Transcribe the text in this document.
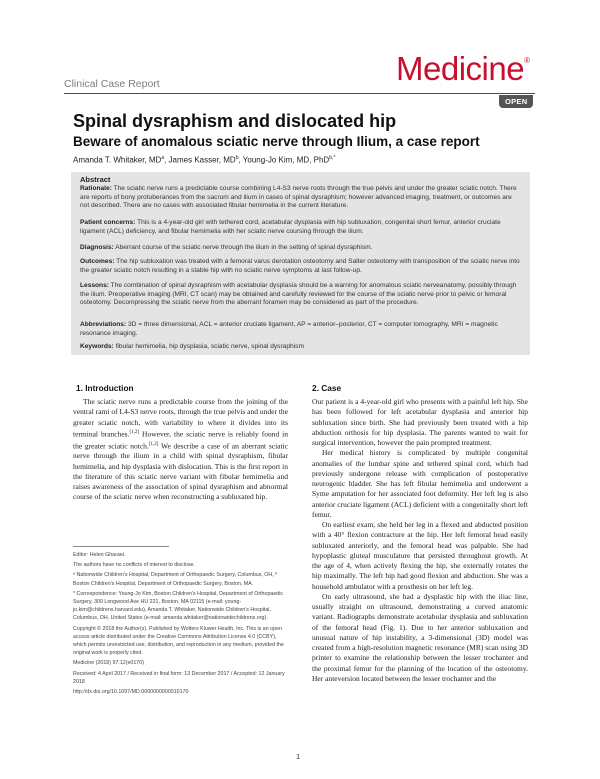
Clinical Case Report	Medicine®
OPEN
Spinal dysraphism and dislocated hip
Beware of anomalous sciatic nerve through Ilium, a case report
Amanda T. Whitaker, $MD^a$, James Kasser, $MD^b$, Young-Jo Kim, MD, PhD$^{b,*}$
Abstract
Rationale: The sciatic nerve runs a predictable course combining L4-S3 nerve roots through the true pelvis and under the greater sciatic notch. There are reports of bony protuberances from the sacrum and ilium in cases of spinal dysraphism; however advanced imaging, treatment, or outcomes are not described. There are no cases with associated fibular hemimelia in the current literature.
Patient concerns: This is a 4-year-old girl with tethered cord, acetabular dysplasia with hip subluxation, congenital short femur, anterior cruciate ligament (ACL) deficiency, and fibular hemimelia with her sciatic nerve coursing through the ilium.
Diagnosis: Aberrant course of the sciatic nerve through the ilium in the setting of spinal dysraphism.
Outcomes: The hip subluxation was treated with a femoral varus derotation osteotomy and Salter osteotomy with transposition of the sciatic nerve into the greater sciatic notch resulting in a stable hip with no sciatic nerve symptoms at last follow-up.
Lessons: The combination of spinal dysraphism with acetabular dysplasia should be a warning for anomalous sciatic nerveanatomy, possibly through the ilium. Preoperative imaging (MRI, CT scan) may be obtained and carefully reviewed for the course of the sciatic nerve prior to pelvic or femoral osteotomy. Decompressing the sciatic nerve from the aberrant foramen may be considered as part of the procedure.
Abbreviations: 3D = three dimensional, ACL = anterior cruciate ligament, AP = anterior–posterior, CT = computer tomography, MRI = magnetic resonance imaging.
Keywords: fibular hemimelia, hip dysplasia, sciatic nerve, spinal dysraphism
1. Introduction

The sciatic nerve runs a predictable course from the joining of the ventral rami of L4-S3 nerve roots, through the true pelvis and under the greater sciatic notch, with variability to where it divides into its terminal branches.[1,2] However, the sciatic nerve is reliably found in the greater sciatic notch.[1,2] We describe a case of an aberrant sciatic nerve through the ilium in a child with spinal dysraphism, fibular hemimelia, and hip dysplasia with dislocation. This is the first report in the literature of this sciatic nerve variant with fibular hemimelia and raises awareness of the association of spinal dysraphism and abnormal course of the sciatic nerve when reconstructing a subluxated hip.

Editor: Helen Gharaei.

The authors have no conflicts of interest to disclose.

ᵃ Nationwide Children's Hospital, Department of Orthopaedic Surgery, Columbus, OH, ᵇ Boston Children's Hospital, Department of Orthopaedic Surgery, Boston, MA.

* Correspondence: Young-Jo Kim, Boston Children's Hospital, Department of Orthopaedic Surgery, 300 Longwood Ave HU 221, Boston, MA 02115 (e-mail: young-jo.kim@childrens.harvard.edu), Amanda T. Whitaker, Nationwide Children's Hospital, Columbus, OH, United States (e-mail: amanda.whitaker@nationwidechildrens.org).

Copyright © 2018 the Author(s). Published by Wolters Kluwer Health, Inc. This is an open access article distributed under the Creative Commons Attribution License 4.0 (CCBY), which permits unrestricted use, distribution, and reproduction in any medium, provided the original work is properly cited.

Medicine (2018) 97:12(e0170)

Received: 4 April 2017 / Received in final form: 13 December 2017 / Accepted: 12 January 2018

http://dx.doi.org/10.1097/MD.0000000000010170

2. Case

Our patient is a 4-year-old girl who presents with a painful left hip. She has been followed for left acetabular dysplasia and anterior hip subluxation since birth. She had previously been treated with a hip abduction orthosis for hip dysplasia. The parents wanted to wait for surgical intervention, however the pain prompted treatment.

Her medical history is complicated by multiple congenital anomalies of the lumbar spine and tethered spinal cord, which had previously undergone release with complication of postoperative neurogenic bladder. She has left fibular hemimelia and underwent a Syme amputation for her associated foot deformity. Her left leg is also anterior cruciate ligament (ACL) deficient with a congenitally short left femur.

On earliest exam, she held her leg in a flexed and abducted position with a 40° flexion contracture at the hip. Her left femoral head easily subluxated anteriorly, and the femoral head was palpable. She had hypoplastic gluteal musculature that persisted throughout growth. At the age of 4, when actively flexing the hip, she externally rotates the hip maximally. The left hip had good flexion and abduction. She was a household ambulator with a prosthesis on her left leg.

On early ultrasound, she had a dysplastic hip with the iliac line, usually straight on ultrasound, demonstrating a curved anatomic variant. Radiographs demonstrate acetabular dysplasia and subluxation of the femoral head (Fig. 1). Due to her anterior subluxation and unusual nature of hip instability, a 3-dimensional (3D) model was created from a high-resolution magnetic resonance (MR) scan using 3D printer to examine the relationship between the lesser trochanter and the proximal femur for the planning of the location of the osteotomy. Her anteversion located between the lesser trochanter and the

1
